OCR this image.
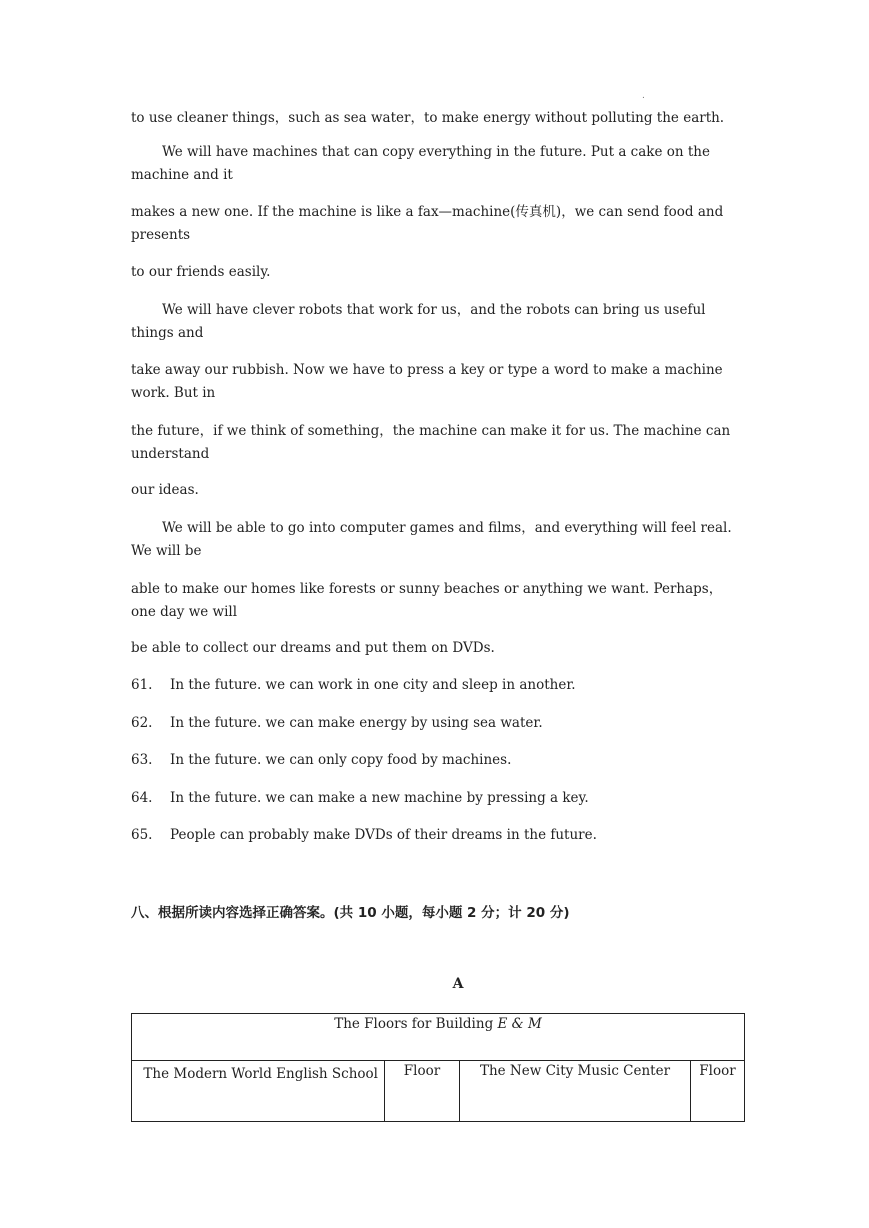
.
to use cleaner things，such as sea water，to make energy without polluting the earth.
We will have machines that can copy everything in the future. Put a cake on the machine and it
makes a new one. If the machine is like a fax—machine(传真机)，we can send food and presents
to our friends easily.
We will have clever robots that work for us，and the robots can bring us useful things and
take away our rubbish. Now we have to press a key or type a word to make a machine work. But in
the future，if we think of something，the machine can make it for us. The machine can understand
our ideas.
We will be able to go into computer games and films，and everything will feel real. We will be
able to make our homes like forests or sunny beaches or anything we want. Perhaps，one day we will
be able to collect our dreams and put them on DVDs.
61. In the future. we can work in one city and sleep in another.
62. In the future. we can make energy by using sea water.
63. In the future. we can only copy food by machines.
64. In the future. we can make a new machine by pressing a key.
65. People can probably make DVDs of their dreams in the future.
八、根据所读内容选择正确答案。(共 10 小题，每小题 2 分；计 20 分)
A
The Floors for Building E & M
The Modern World English School	Floor	The New City Music Center	Floor
